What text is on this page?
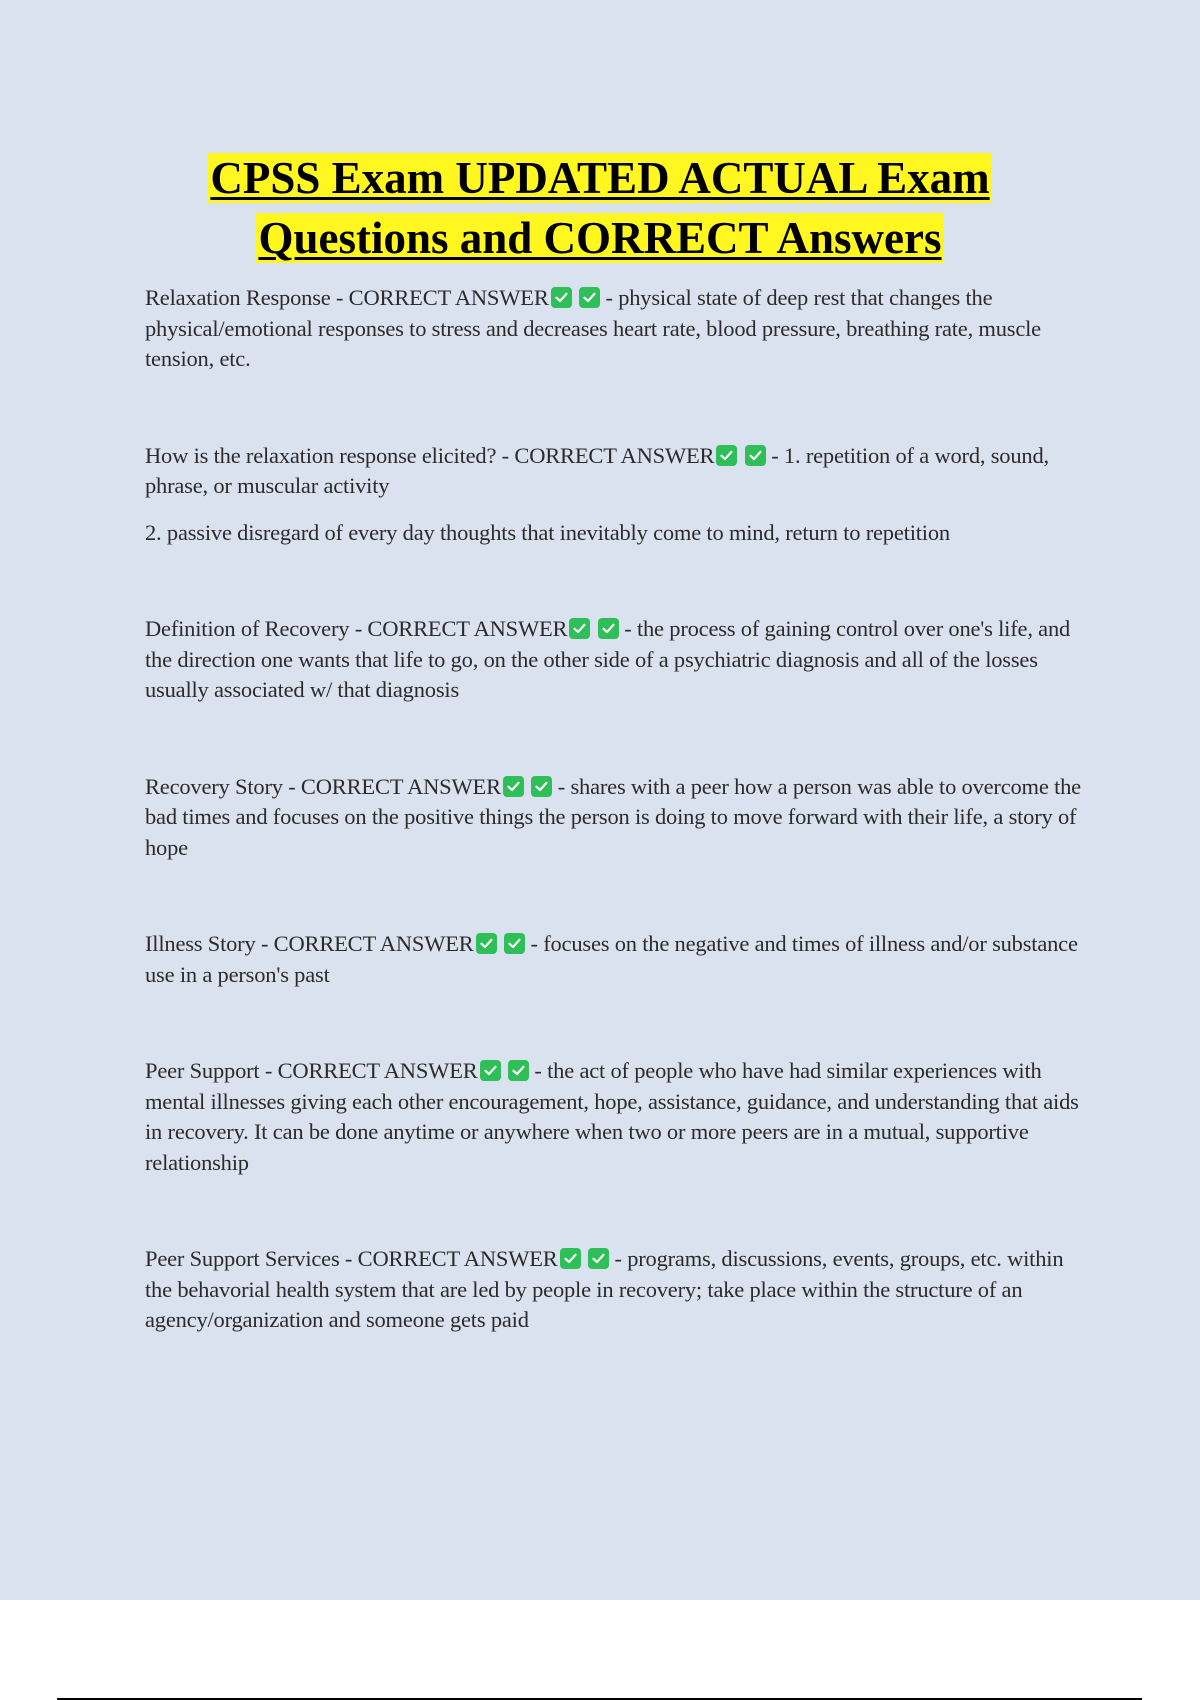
CPSS Exam UPDATED ACTUAL Exam
Questions and CORRECT Answers

Relaxation Response - CORRECT ANSWER

- physical state of deep rest that changes the physical/emotional responses to stress and decreases heart rate, blood pressure, breathing rate, muscle tension, etc.

How is the relaxation response elicited? - CORRECT ANSWER

- 1. repetition of a word, sound, phrase, or muscular activity

2. passive disregard of every day thoughts that inevitably come to mind, return to repetition

Definition of Recovery - CORRECT ANSWER

- the process of gaining control over one's life, and the direction one wants that life to go, on the other side of a psychiatric diagnosis and all of the losses usually associated w/ that diagnosis

Recovery Story - CORRECT ANSWER

- shares with a peer how a person was able to overcome the bad times and focuses on the positive things the person is doing to move forward with their life, a story of hope

Illness Story - CORRECT ANSWER

- focuses on the negative and times of illness and/or substance use in a person's past

Peer Support - CORRECT ANSWER

- the act of people who have had similar experiences with mental illnesses giving each other encouragement, hope, assistance, guidance, and understanding that aids in recovery. It can be done anytime or anywhere when two or more peers are in a mutual, supportive relationship

Peer Support Services - CORRECT ANSWER

- programs, discussions, events, groups, etc. within the behavorial health system that are led by people in recovery; take place within the structure of an agency/organization and someone gets paid
